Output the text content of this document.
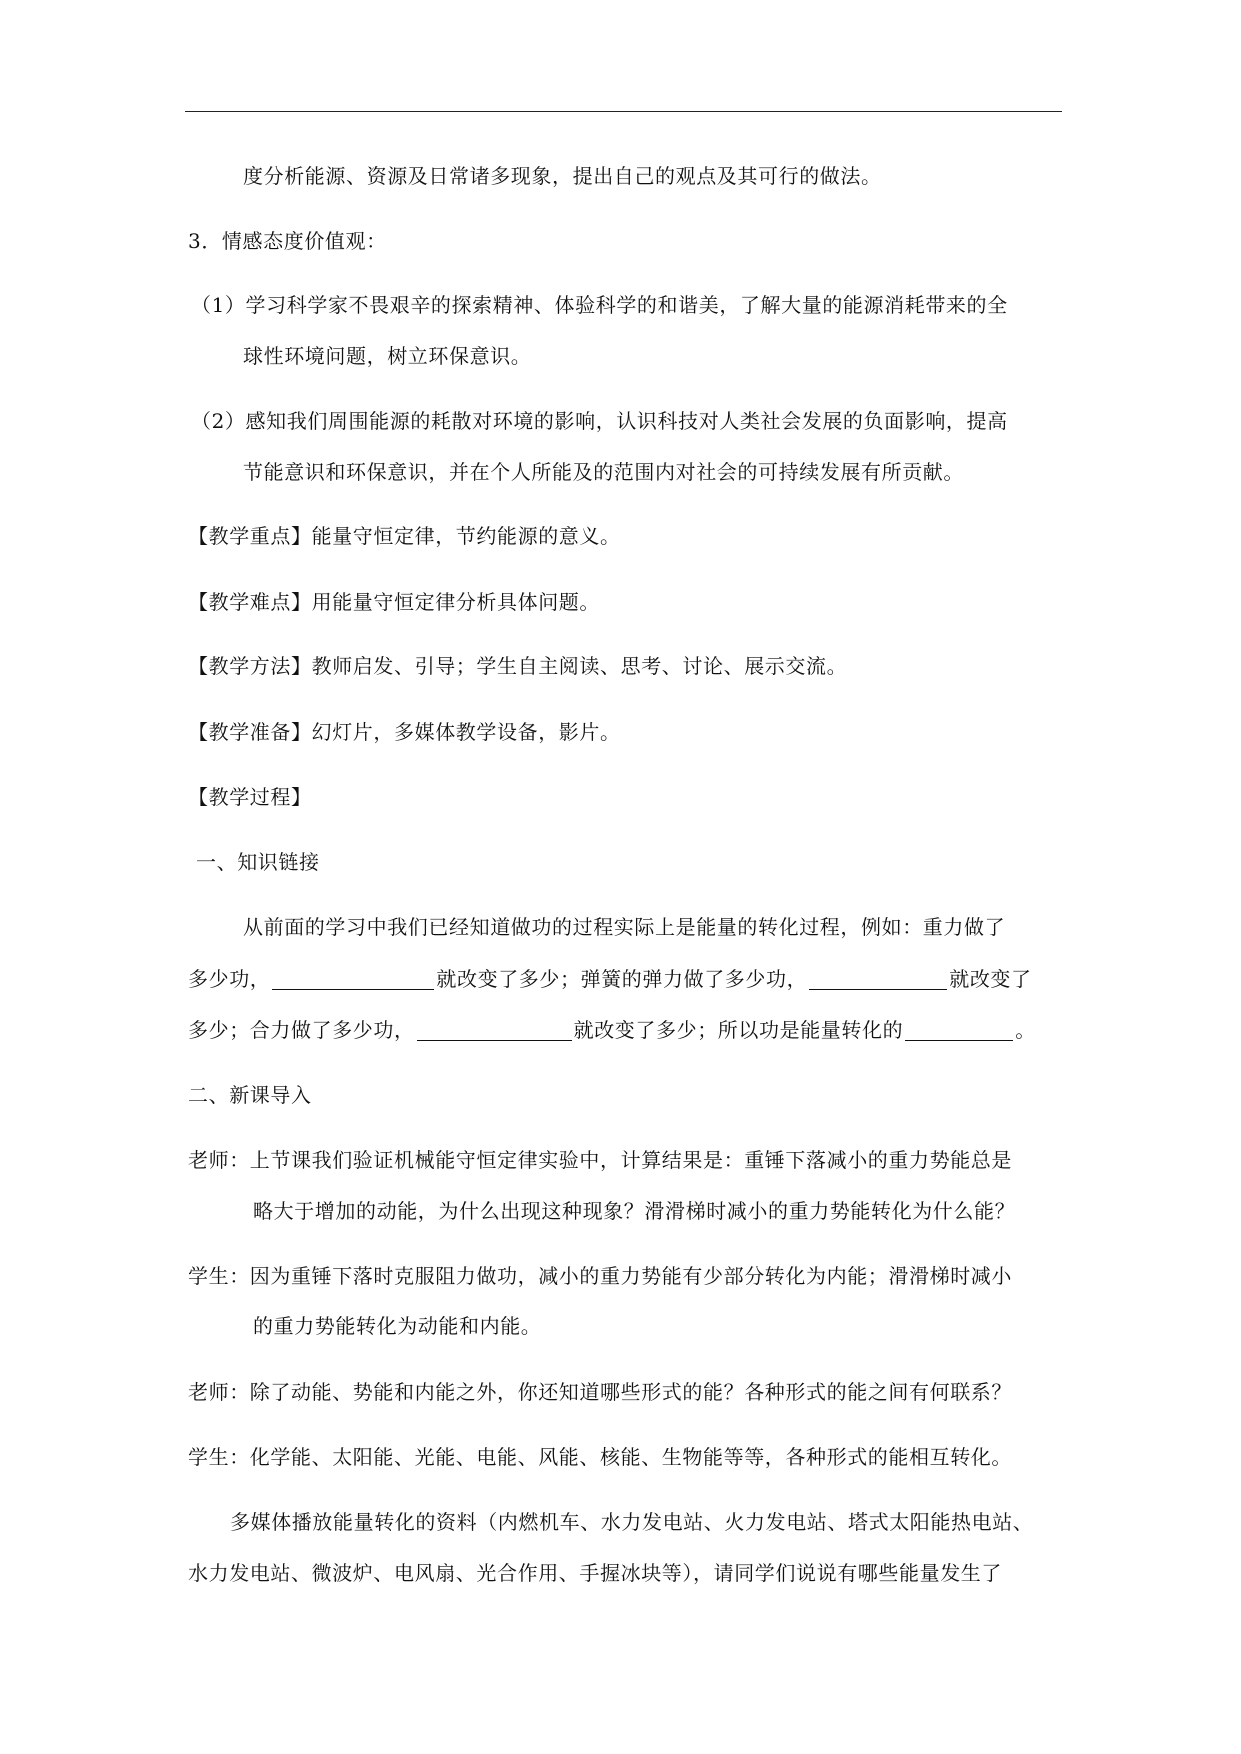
度分析能源、资源及日常诸多现象，提出自己的观点及其可行的做法。
3．情感态度价值观：
（1）学习科学家不畏艰辛的探索精神、体验科学的和谐美，了解大量的能源消耗带来的全
球性环境问题，树立环保意识。
（2）感知我们周围能源的耗散对环境的影响，认识科技对人类社会发展的负面影响，提高
节能意识和环保意识，并在个人所能及的范围内对社会的可持续发展有所贡献。
【教学重点】能量守恒定律，节约能源的意义。
【教学难点】用能量守恒定律分析具体问题。
【教学方法】教师启发、引导；学生自主阅读、思考、讨论、展示交流。
【教学准备】幻灯片，多媒体教学设备，影片。
【教学过程】
一、知识链接
从前面的学习中我们已经知道做功的过程实际上是能量的转化过程，例如：重力做了
多少功，	就改变了多少；弹簧的弹力做了多少功，	就改变了
多少；合力做了多少功，	就改变了多少；所以功是能量转化的	。
二、新课导入
老师：上节课我们验证机械能守恒定律实验中，计算结果是：重锤下落减小的重力势能总是
略大于增加的动能，为什么出现这种现象？滑滑梯时减小的重力势能转化为什么能？
学生：因为重锤下落时克服阻力做功，减小的重力势能有少部分转化为内能；滑滑梯时减小
的重力势能转化为动能和内能。
老师：除了动能、势能和内能之外，你还知道哪些形式的能？各种形式的能之间有何联系？
学生：化学能、太阳能、光能、电能、风能、核能、生物能等等，各种形式的能相互转化。
多媒体播放能量转化的资料（内燃机车、水力发电站、火力发电站、塔式太阳能热电站、
水力发电站、微波炉、电风扇、光合作用、手握冰块等），请同学们说说有哪些能量发生了
